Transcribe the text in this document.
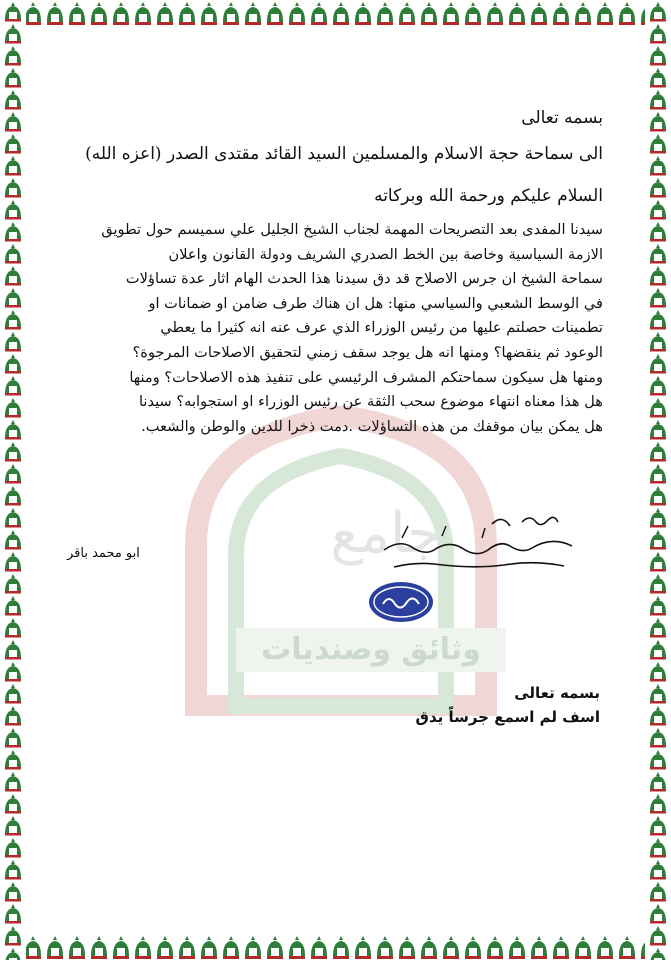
جامع
وثائق وصنديات
بسمه تعالى
الى سماحة حجة الاسلام والمسلمين السيد القائد مقتدى الصدر (اعزه الله)
السلام عليكم ورحمة الله وبركاته
سيدنا المفدى بعد التصريحات المهمة لجناب الشيخ الجليل علي سميسم حول تطويق
الازمة السياسية وخاصة بين الخط الصدري الشريف ودولة القانون واعلان
سماحة الشيخ ان جرس الاصلاح قد دق سيدنا هذا الحدث الهام اثار عدة تساؤلات
في الوسط الشعبي والسياسي منها: هل ان هناك طرف ضامن او ضمانات او
تطمينات حصلتم عليها من رئيس الوزراء الذي عرف عنه انه كثيرا ما يعطي
الوعود ثم ينقضها؟ ومنها انه هل يوجد سقف زمني لتحقيق الاصلاحات المرجوة؟
ومنها هل سيكون سماحتكم المشرف الرئيسي على تنفيذ هذه الاصلاحات؟ ومنها
هل هذا معناه انتهاء موضوع سحب الثقة عن رئيس الوزراء او استجوابه؟ سيدنا
هل يمكن بيان موقفك من هذه التساؤلات .دمت ذخرا للدين والوطن والشعب.
ابو محمد باقر
بسمه تعالى
اسف لم اسمع جرساً يدق
